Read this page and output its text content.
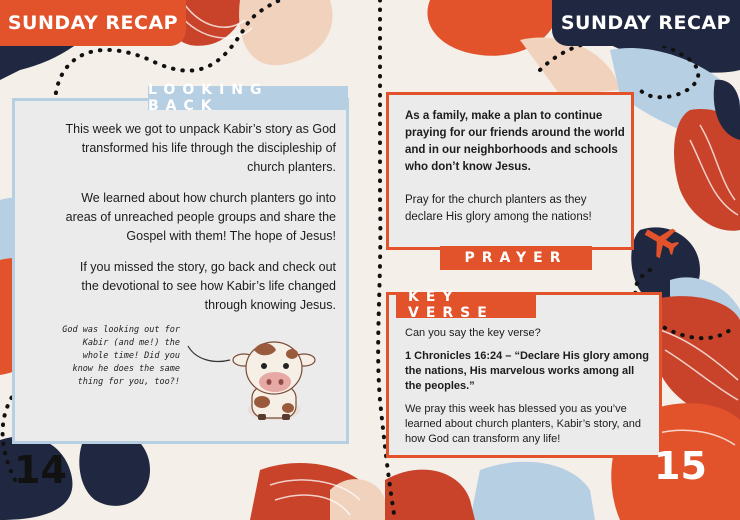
SUNDAY RECAP	SUNDAY RECAP
LOOKING BACK

This week we got to unpack Kabir’s story as God transformed his life through the discipleship of church planters.

We learned about how church planters go into areas of unreached people groups and share the Gospel with them! The hope of Jesus!

If you missed the story, go back and check out the devotional to see how Kabir’s life changed through knowing Jesus.

God was looking out for Kabir (and me!) the whole time! Did you know he does the same thing for you, too?!

As a family, make a plan to continue praying for our friends around the world and in our neighborhoods and schools who don’t know Jesus.

Pray for the church planters as they declare His glory among the nations!

PRAYER
KEY VERSE

Can you say the key verse?

1 Chronicles 16:24 – “Declare His glory among the nations, His marvelous works among all the peoples.”

We pray this week has blessed you as you’ve learned about church planters, Kabir’s story, and how God can transform any life!

14	15
